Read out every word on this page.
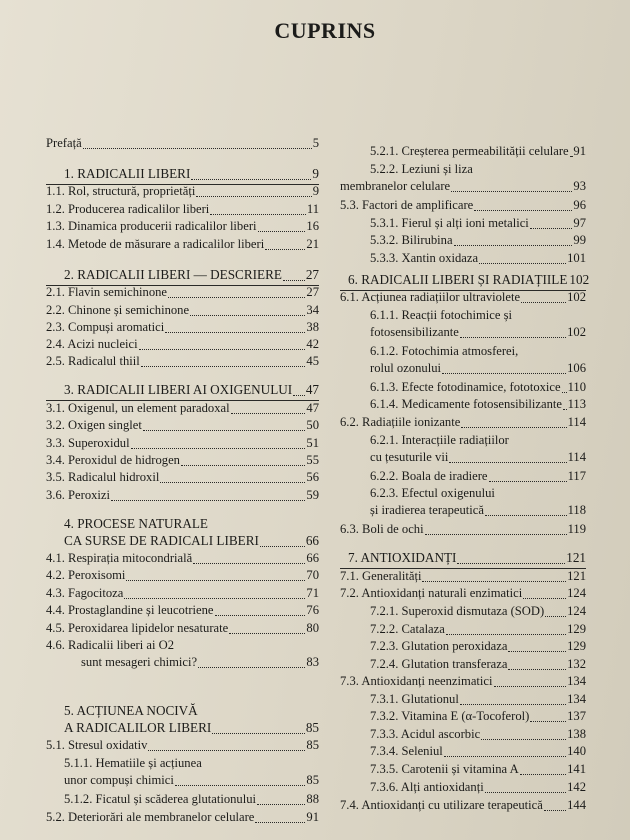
CUPRINS
Prefață	5
1. RADICALII LIBERI	9
1.1. Rol, structură, proprietăți	9
1.2. Producerea radicalilor liberi	11
1.3. Dinamica producerii radicalilor liberi	16
1.4. Metode de măsurare a radicalilor liberi	21
2. RADICALII LIBERI — DESCRIERE 27
2.1. Flavin semichinone	27
2.2. Chinone și semichinone	34
2.3. Compuși aromatici	38
2.4. Acizi nucleici	42
2.5. Radicalul thiil	45
3. RADICALII LIBERI AI OXIGENULUI 47
3.1. Oxigenul, un element paradoxal	47
3.2. Oxigen singlet	50
3.3. Superoxidul	51
3.4. Peroxidul de hidrogen	55
3.5. Radicalul hidroxil	56
3.6. Peroxizi	59
4. PROCESE NATURALE
CA SURSE DE RADICALI LIBERI	66
4.1. Respirația mitocondrială	66
4.2. Peroxisomi	70
4.3. Fagocitoza	71
4.4. Prostaglandine și leucotriene	76
4.5. Peroxidarea lipidelor nesaturate	80
4.6. Radicalii liberi ai O2
sunt mesageri chimici?	83
5. ACȚIUNEA NOCIVĂ
A RADICALILOR LIBERI	85
5.1. Stresul oxidativ	85
5.1.1. Hematiile și acțiunea
unor compuși chimici	85
5.1.2. Ficatul și scăderea glutationului	88
5.2. Deteriorări ale membranelor celulare	91
5.2.1. Creșterea permeabilității celulare 91
5.2.2. Leziuni și liza
membranelor celulare	93
5.3. Factori de amplificare	96
5.3.1. Fierul și alți ioni metalici	97
5.3.2. Bilirubina	99
5.3.3. Xantin oxidaza	101
6. RADICALII LIBERI ȘI RADIAȚIILE 102
6.1. Acțiunea radiațiilor ultraviolete	102
6.1.1. Reacții fotochimice și
fotosensibilizante	102
6.1.2. Fotochimia atmosferei,
rolul ozonului	106
6.1.3. Efecte fotodinamice, fototoxice 110
6.1.4. Medicamente fotosensibilizante 113
6.2. Radiațiile ionizante	114
6.2.1. Interacțiile radiațiilor
cu țesuturile vii	114
6.2.2. Boala de iradiere	117
6.2.3. Efectul oxigenului
și iradierea terapeutică	118
6.3. Boli de ochi	119
7. ANTIOXIDANȚI	121
7.1. Generalități	121
7.2. Antioxidanți naturali enzimatici	124
7.2.1. Superoxid dismutaza (SOD) 124
7.2.2. Catalaza	129
7.2.3. Glutation peroxidaza	129
7.2.4. Glutation transferaza	132
7.3. Antioxidanți neenzimatici	134
7.3.1. Glutationul	134
7.3.2. Vitamina E (α-Tocoferol)	137
7.3.3. Acidul ascorbic	138
7.3.4. Seleniul	140
7.3.5. Carotenii și vitamina A	141
7.3.6. Alți antioxidanți	142
7.4. Antioxidanți cu utilizare terapeutică 144
